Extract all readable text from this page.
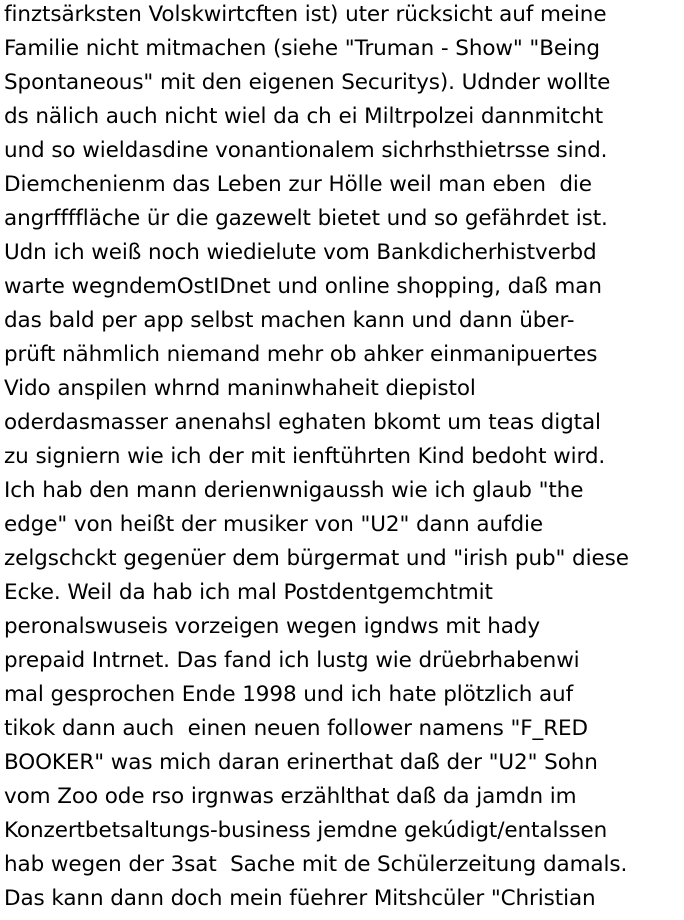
finztsärksten Volskwirtcften ist) uter rücksicht auf meine
Familie nicht mitmachen (siehe "Truman - Show" "Being
Spontaneous" mit den eigenen Securitys). Udnder wollte
ds nälich auch nicht wiel da ch ei Miltrpolzei dannmitcht
und so wieldasdine vonantionalem sichrhsthietrsse sind.
Diemchenienm das Leben zur Hölle weil man eben  die
angrffffläche ür die gazewelt bietet und so gefährdet ist.
Udn ich weiß noch wiedielute vom Bankdicherhistverbd
warte wegndemOstIDnet und online shopping, daß man
das bald per app selbst machen kann und dann über-
prüft nähmlich niemand mehr ob ahker einmanipuertes
Vido anspilen whrnd maninwhaheit diepistol
oderdasmasser anenahsl eghaten bkomt um teas digtal
zu signiern wie ich der mit ienftührten Kind bedoht wird.
Ich hab den mann derienwnigaussh wie ich glaub "the
edge" von heißt der musiker von "U2" dann aufdie
zelgschckt gegenüer dem bürgermat und "irish pub" diese
Ecke. Weil da hab ich mal Postdentgemchtmit
peronalswuseis vorzeigen wegen igndws mit hady
prepaid Intrnet. Das fand ich lustg wie drüebrhabenwi
mal gesprochen Ende 1998 und ich hate plötzlich auf
tikok dann auch  einen neuen follower namens "F_RED
BOOKER" was mich daran erinerthat daß der "U2" Sohn
vom Zoo ode rso irgnwas erzählthat daß da jamdn im
Konzertbetsaltungs-business jemdne gekúdigt/entalssen
hab wegen der 3sat  Sache mit de Schülerzeitung damals.
Das kann dann doch mein füehrer Mitshcüler "Christian
